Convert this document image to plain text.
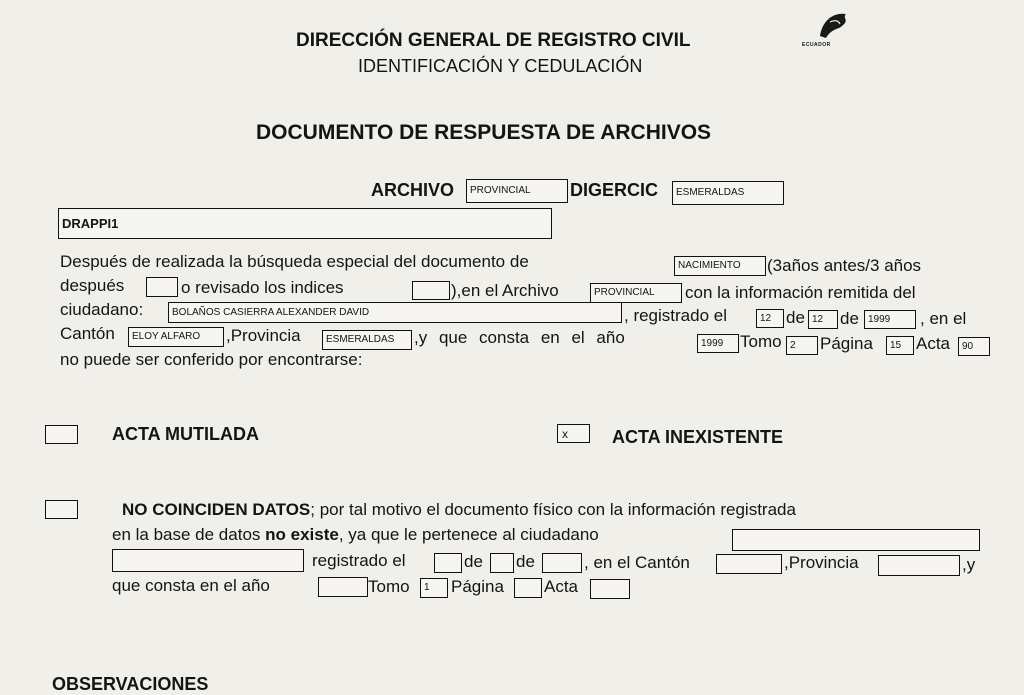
DIRECCIÓN GENERAL DE REGISTRO CIVIL
IDENTIFICACIÓN Y CEDULACIÓN
ECUADOR
DOCUMENTO DE RESPUESTA DE ARCHIVOS
ARCHIVO	PROVINCIAL	DIGERCIC	ESMERALDAS
DRAPPI1
Después de realizada la búsqueda especial del documento de	NACIMIENTO	(3años antes/3 años
después	o revisado los indices	),en el Archivo	PROVINCIAL	con la información remitida del
ciudadano:	BOLAÑOS CASIERRA ALEXANDER DAVID	, registrado el	12 de 12 de 1999	, en el
Cantón	ELOY ALFARO	,Provincia	ESMERALDAS	,y que consta en el año	1999 Tomo 2	Página	15 Acta	90
no puede ser conferido por encontrarse:
ACTA MUTILADA	x	ACTA INEXISTENTE
NO COINCIDEN DATOS; por tal motivo el documento físico con la información registrada
en la base de datos no existe, ya que le pertenece al ciudadano
registrado el	de de	, en el Cantón	,Provincia	,y
que consta en el año	Tomo	1	Página Acta
OBSERVACIONES
